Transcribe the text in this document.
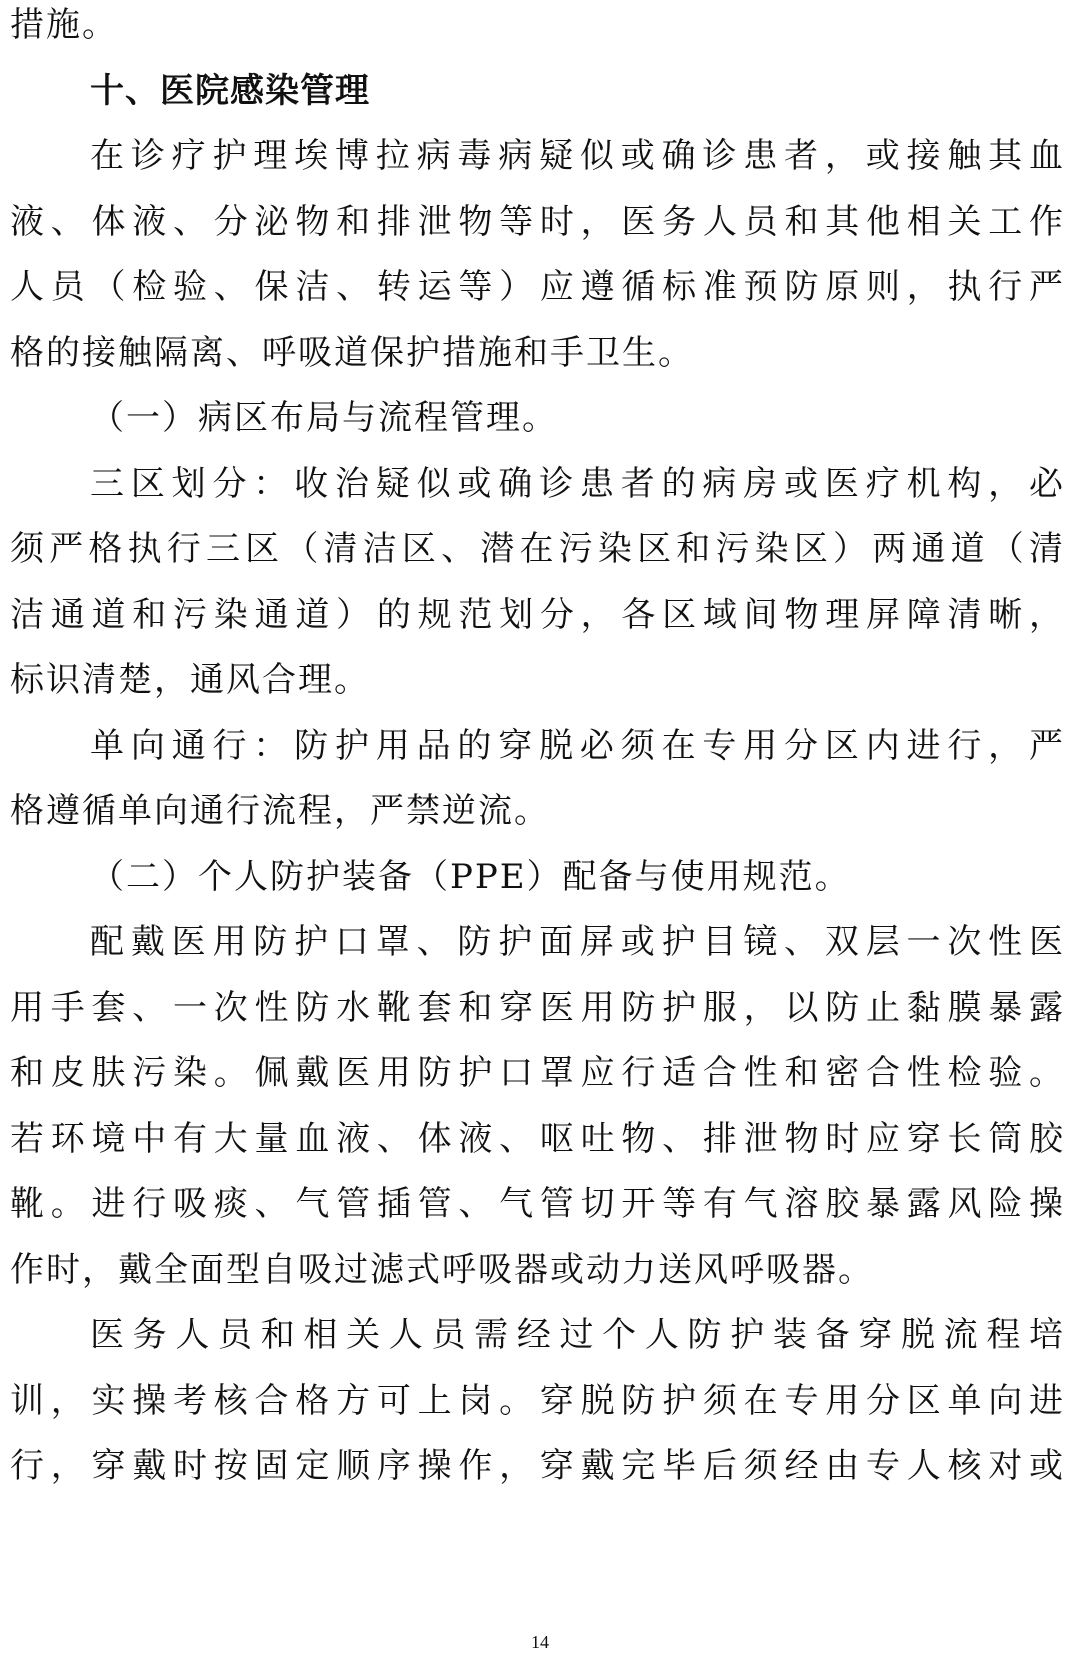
措施。
十、医院感染管理
在诊疗护理埃博拉病毒病疑似或确诊患者，或接触其血
液、体液、分泌物和排泄物等时，医务人员和其他相关工作
人员（检验、保洁、转运等）应遵循标准预防原则，执行严
格的接触隔离、呼吸道保护措施和手卫生。
（一）病区布局与流程管理。
三区划分：收治疑似或确诊患者的病房或医疗机构，必
须严格执行三区（清洁区、潜在污染区和污染区）两通道（清
洁通道和污染通道）的规范划分，各区域间物理屏障清晰，
标识清楚，通风合理。
单向通行：防护用品的穿脱必须在专用分区内进行，严
格遵循单向通行流程，严禁逆流。
（二）个人防护装备（PPE）配备与使用规范。
配戴医用防护口罩、防护面屏或护目镜、双层一次性医
用手套、一次性防水靴套和穿医用防护服，以防止黏膜暴露
和皮肤污染。佩戴医用防护口罩应行适合性和密合性检验。
若环境中有大量血液、体液、呕吐物、排泄物时应穿长筒胶
靴。进行吸痰、气管插管、气管切开等有气溶胶暴露风险操
作时，戴全面型自吸过滤式呼吸器或动力送风呼吸器。
医务人员和相关人员需经过个人防护装备穿脱流程培
训，实操考核合格方可上岗。穿脱防护须在专用分区单向进
行，穿戴时按固定顺序操作，穿戴完毕后须经由专人核对或
14
